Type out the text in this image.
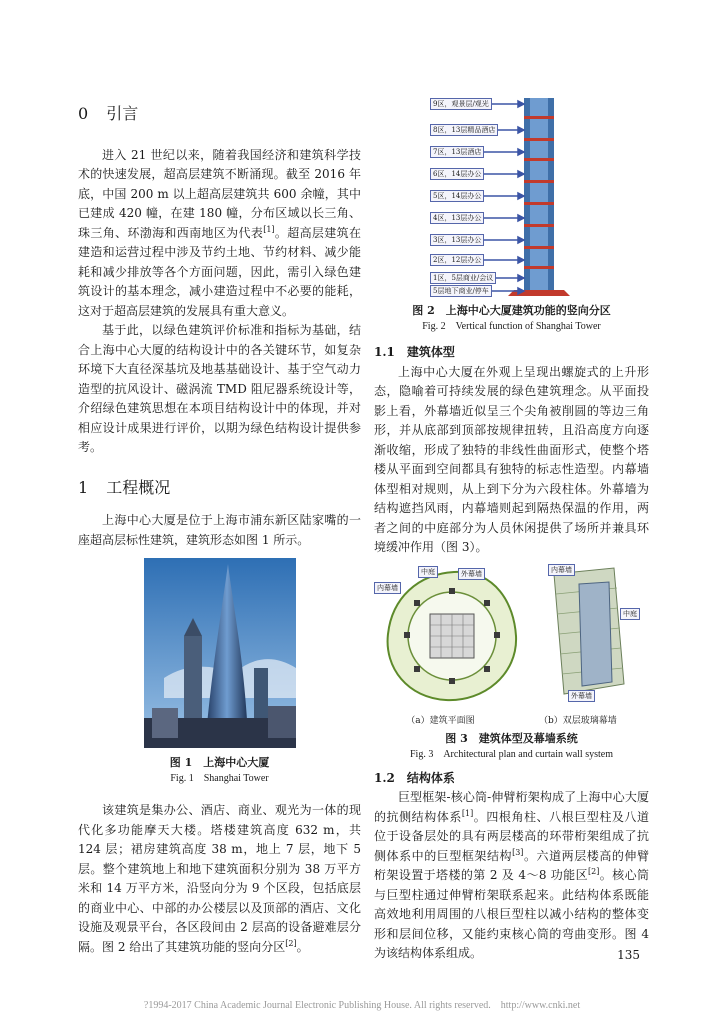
0 引言

进入 21 世纪以来，随着我国经济和建筑科学技术的快速发展，超高层建筑不断涌现。截至 2016 年底，中国 200 m 以上超高层建筑共 600 余幢，其中已建成 420 幢，在建 180 幢，分布区域以长三角、珠三角、环渤海和西南地区为代表[1]。超高层建筑在建造和运营过程中涉及节约土地、节约材料、减少能耗和减少排放等各个方面问题，因此，需引入绿色建筑设计的基本理念，减小建造过程中不必要的能耗，这对于超高层建筑的发展具有重大意义。

基于此，以绿色建筑评价标准和指标为基础，结合上海中心大厦的结构设计中的各关键环节，如复杂环境下大直径深基坑及地基基础设计、基于空气动力造型的抗风设计、磁涡流 TMD 阻尼器系统设计等，介绍绿色建筑思想在本项目结构设计中的体现，并对相应设计成果进行评价，以期为绿色结构设计提供参考。

1 工程概况

上海中心大厦是位于上海市浦东新区陆家嘴的一座超高层标性建筑，建筑形态如图 1 所示。

图 1　上海中心大厦

Fig. 1　Shanghai Tower

该建筑是集办公、酒店、商业、观光为一体的现代化多功能摩天大楼。塔楼建筑高度 632 m，共 124 层；裙房建筑高度 38 m，地上 7 层，地下 5 层。整个建筑地上和地下建筑面积分别为 38 万平方米和 14 万平方米，沿竖向分为 9 个区段，包括底层的商业中心、中部的办公楼层以及顶部的酒店、文化设施及观景平台，各区段间由 2 层高的设备避难层分隔。图 2 给出了其建筑功能的竖向分区[2]。

9区，观景层/观光
8区，13层精品酒店
7区，13层酒店
6区，14层办公
5区，14层办公
4区，13层办公
3区，13层办公
2区，12层办公
1区，5层商业/会议
5层地下商业/停车

图 2　上海中心大厦建筑功能的竖向分区

Fig. 2　Vertical function of Shanghai Tower

1.1　建筑体型

上海中心大厦在外观上呈现出螺旋式的上升形态，隐喻着可持续发展的绿色建筑理念。从平面投影上看，外幕墙近似呈三个尖角被削圆的等边三角形，并从底部到顶部按规律扭转，且沿高度方向逐渐收缩，形成了独特的非线性曲面形式，使整个塔楼从平面到空间都具有独特的标志性造型。内幕墙体型相对规则，从上到下分为六段柱体。外幕墙为结构遮挡风雨，内幕墙则起到隔热保温的作用，两者之间的中庭部分为人员休闲提供了场所并兼具环境缓冲作用（图 3）。

内幕墙
中庭	外幕墙	内幕墙
中庭
外幕墙
（a）建筑平面图	（b）双层玻璃幕墙

图 3　建筑体型及幕墙系统

Fig. 3　Architectural plan and curtain wall system

1.2　结构体系

巨型框架-核心筒-伸臂桁架构成了上海中心大厦的抗侧结构体系[1]。四根角柱、八根巨型柱及八道位于设备层处的具有两层楼高的环带桁架组成了抗侧体系中的巨型框架结构[3]。六道两层楼高的伸臂桁架设置于塔楼的第 2 及 4～8 功能区[2]。核心筒与巨型柱通过伸臂桁架联系起来。此结构体系既能高效地利用周围的八根巨型柱以减小结构的整体变形和层间位移，又能约束核心筒的弯曲变形。图 4 为该结构体系组成。	135
?1994-2017 China Academic Journal Electronic Publishing House. All rights reserved.　http://www.cnki.net
